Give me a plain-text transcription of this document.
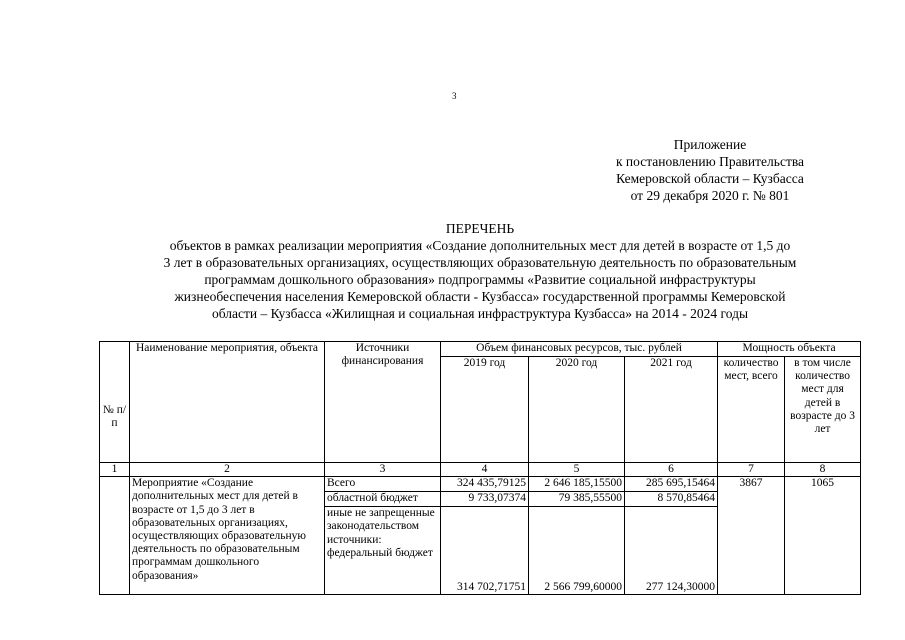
3
Приложение
к постановлению Правительства
Кемеровской области – Кузбасса
от 29 декабря 2020 г. № 801
ПЕРЕЧЕНЬ
объектов в рамках реализации мероприятия «Создание дополнительных мест для детей в возрасте от 1,5 до
3 лет в образовательных организациях, осуществляющих образовательную деятельность по образовательным
программам дошкольного образования» подпрограммы «Развитие социальной инфраструктуры
жизнеобеспечения населения Кемеровской области - Кузбасса» государственной программы Кемеровской
области – Кузбасса «Жилищная и социальная инфраструктура Кузбасса» на 2014 - 2024 годы
№ п/п	Наименование мероприятия, объекта	Источники финансирования	Объем финансовых ресурсов, тыс. рублей			Мощность объекта	
			2019 год	2020 год	2021 год	количество мест, всего	в том числе количество мест для детей в возрасте до 3 лет
1	2	3	4	5	6	7	8
	Мероприятие «Создание дополнительных мест для детей в возрасте от 1,5 до 3 лет в образовательных организациях, осуществляющих образовательную деятельность по образовательным программам дошкольного образования»	Всего	324 435,79125	2 646 185,15500	285 695,15464	3867	1065
		областной бюджет	9 733,07374	79 385,55500	8 570,85464		
		иные не запрещенные законодательством источники: федеральный бюджет	314 702,71751	2 566 799,60000	277 124,30000		
